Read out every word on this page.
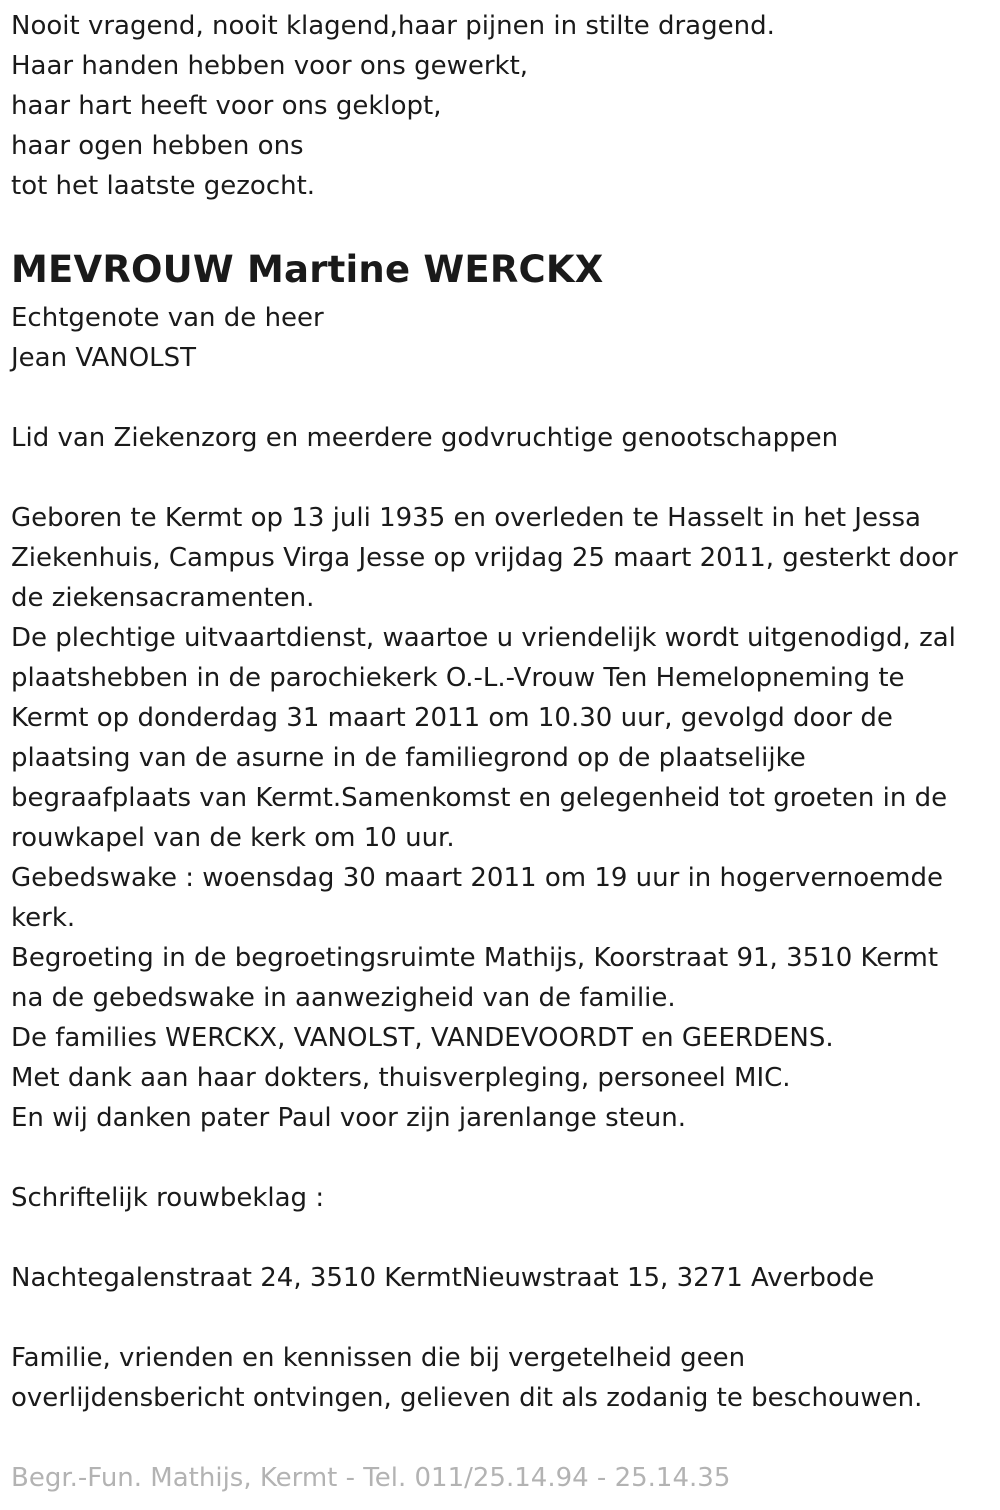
Nooit vragend, nooit klagend,haar pijnen in stilte dragend.
Haar handen hebben voor ons gewerkt,
haar hart heeft voor ons geklopt,
haar ogen hebben ons
tot het laatste gezocht.
MEVROUW Martine WERCKX
Echtgenote van de heer
Jean VANOLST
Lid van Ziekenzorg en meerdere godvruchtige genootschappen
Geboren te Kermt op 13 juli 1935 en overleden te Hasselt in het Jessa
Ziekenhuis, Campus Virga Jesse op vrijdag 25 maart 2011, gesterkt door
de ziekensacramenten.
De plechtige uitvaartdienst, waartoe u vriendelijk wordt uitgenodigd, zal
plaatshebben in de parochiekerk O.-L.-Vrouw Ten Hemelopneming te
Kermt op donderdag 31 maart 2011 om 10.30 uur, gevolgd door de
plaatsing van de asurne in de familiegrond op de plaatselijke
begraafplaats van Kermt.Samenkomst en gelegenheid tot groeten in de
rouwkapel van de kerk om 10 uur.
Gebedswake : woensdag 30 maart 2011 om 19 uur in hogervernoemde
kerk.
Begroeting in de begroetingsruimte Mathijs, Koorstraat 91, 3510 Kermt
na de gebedswake in aanwezigheid van de familie.
De families WERCKX, VANOLST, VANDEVOORDT en GEERDENS.
Met dank aan haar dokters, thuisverpleging, personeel MIC.
En wij danken pater Paul voor zijn jarenlange steun.
Schriftelijk rouwbeklag :
Nachtegalenstraat 24, 3510 KermtNieuwstraat 15, 3271 Averbode
Familie, vrienden en kennissen die bij vergetelheid geen
overlijdensbericht ontvingen, gelieven dit als zodanig te beschouwen.
Begr.-Fun. Mathijs, Kermt - Tel. 011/25.14.94 - 25.14.35
